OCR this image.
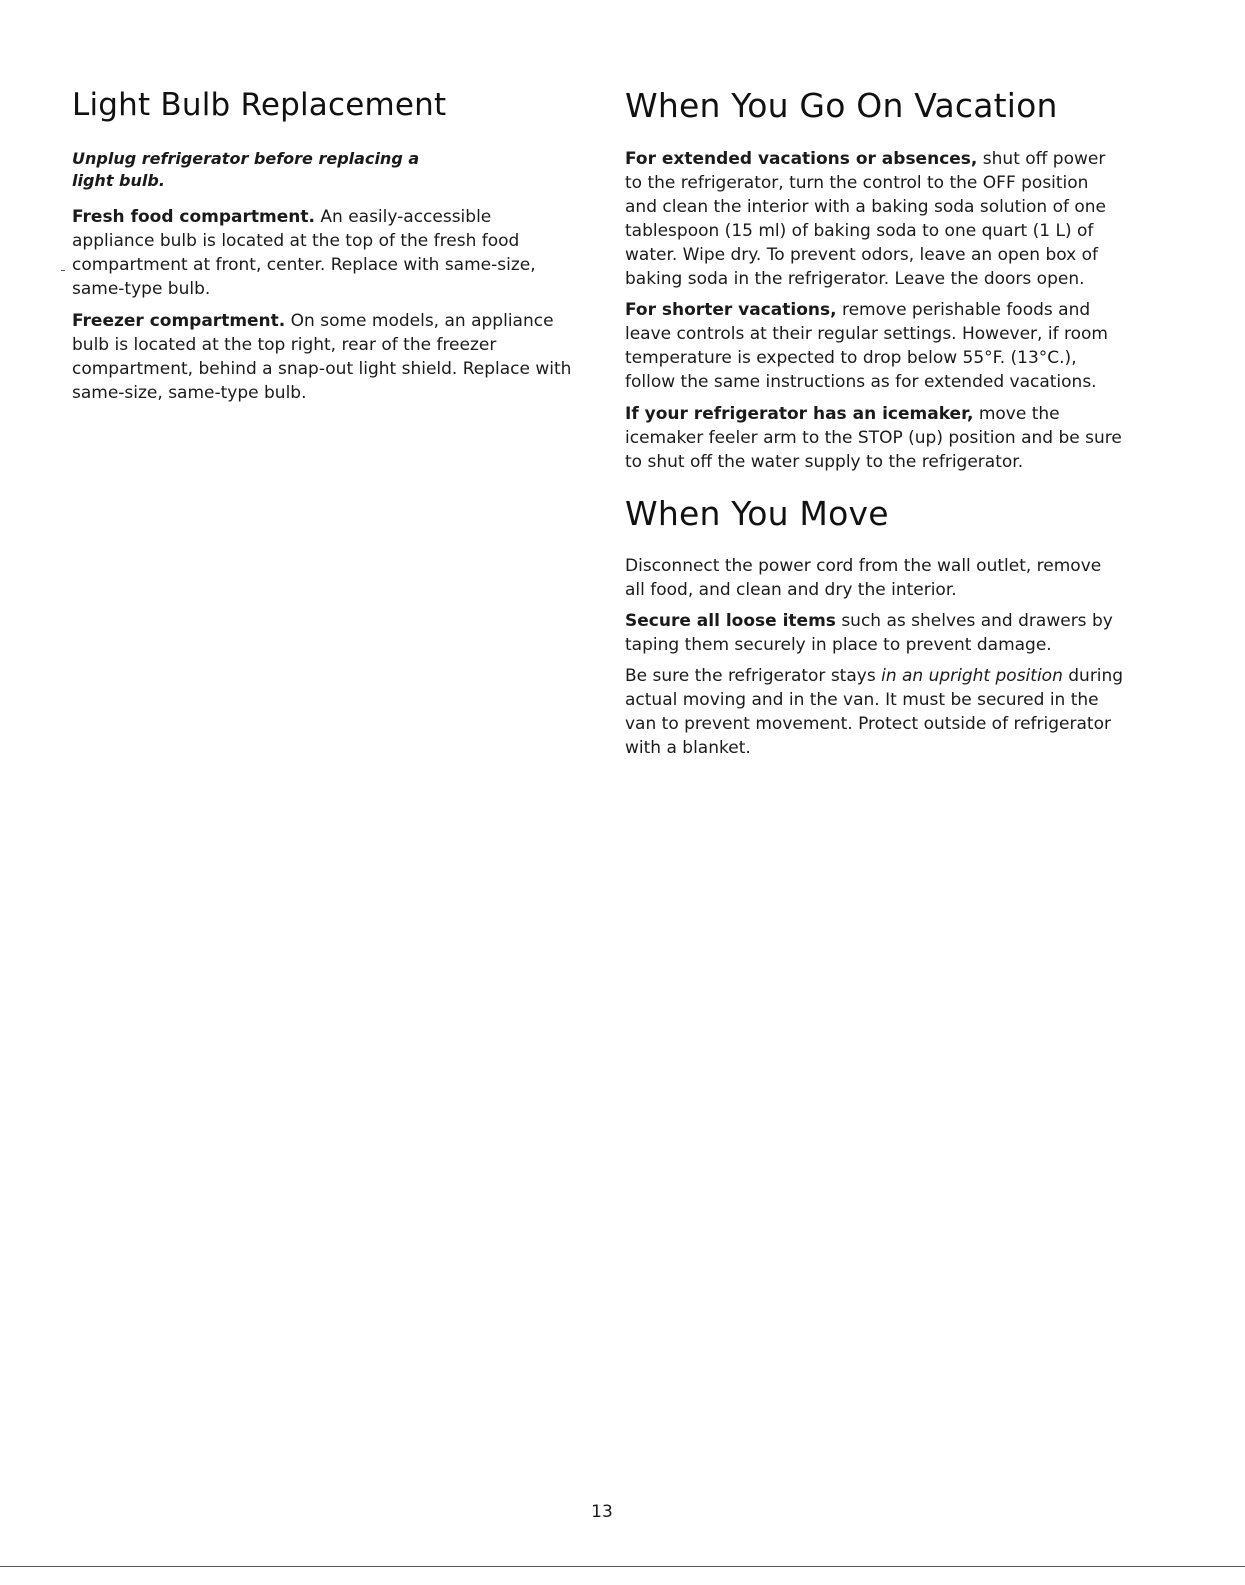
Light Bulb Replacement

Unplug refrigerator before replacing a light bulb.

Fresh food compartment. An easily-accessible appliance bulb is located at the top of the fresh food compartment at front, center. Replace with same-size, same-type bulb.

Freezer compartment. On some models, an appliance bulb is located at the top right, rear of the freezer compartment, behind a snap-out light shield. Replace with same-size, same-type bulb.

When You Go On Vacation

For extended vacations or absences, shut off power to the refrigerator, turn the control to the OFF position and clean the interior with a baking soda solution of one tablespoon (15 ml) of baking soda to one quart (1 L) of water. Wipe dry. To prevent odors, leave an open box of baking soda in the refrigerator. Leave the doors open.

For shorter vacations, remove perishable foods and leave controls at their regular settings. However, if room temperature is expected to drop below 55°F. (13°C.), follow the same instructions as for extended vacations.

If your refrigerator has an icemaker, move the icemaker feeler arm to the STOP (up) position and be sure to shut off the water supply to the refrigerator.

When You Move

Disconnect the power cord from the wall outlet, remove all food, and clean and dry the interior.

Secure all loose items such as shelves and drawers by taping them securely in place to prevent damage.

Be sure the refrigerator stays in an upright position during actual moving and in the van. It must be secured in the van to prevent movement. Protect outside of refrigerator with a blanket.

13
